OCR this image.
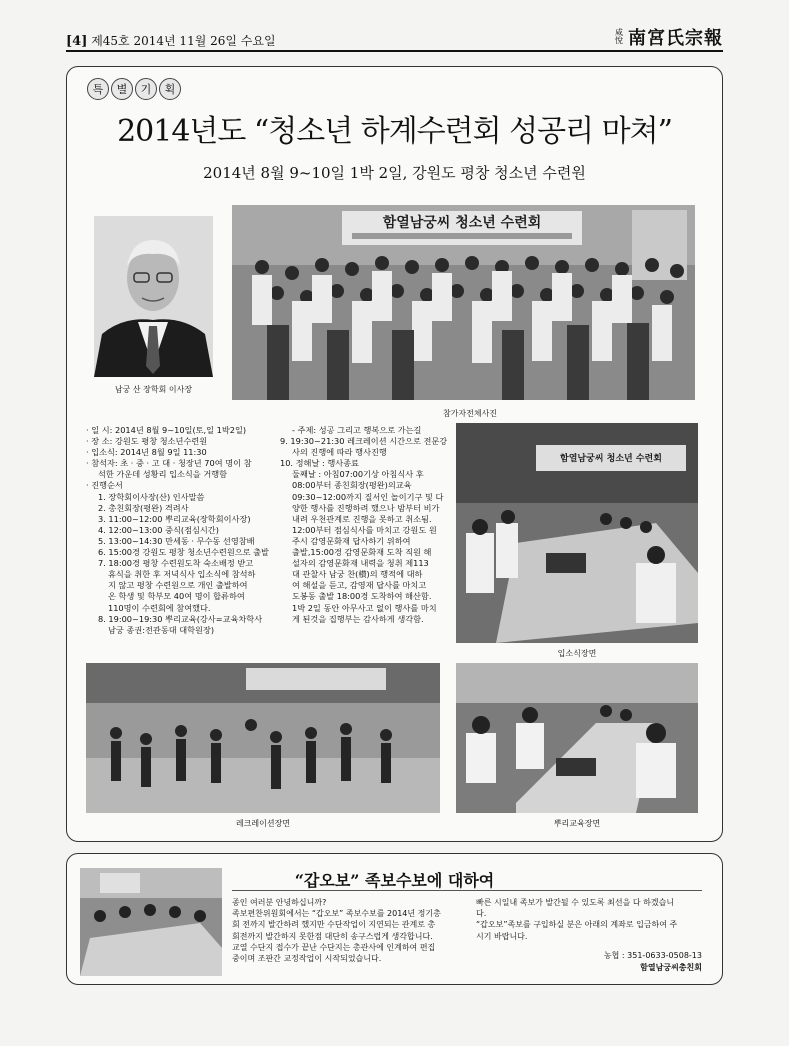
[4] 제45호 2014년 11월 26일 수요일
咸
悅 南宮氏宗報
특	별	기	획
2014년도 “청소년 하계수련회 성공리 마쳐”
2014년 8월 9~10일 1박 2일, 강원도 평창 청소년 수련원
남궁 산 장학회 이사장
함열남궁씨 청소년 수련회
참가자전체사진
· 일 시: 2014년 8월 9~10일(토,일 1박2일)
· 장 소: 강원도 평창 청소년수련원
· 입소식: 2014년 8월 9일 11:30
· 참석자: 초 · 중 · 고 대 · 청장년 70여 명이 참
석한 가운데 성황리 입소식을 거행함
· 진행순서
1. 장학회이사장(산) 인사말씀
2. 총친회장(평완) 격려사
3. 11:00~12:00 뿌리교육(장학회이사장)
4. 12:00~13:00 중식(점심시간)
5. 13:00~14:30 만세동 · 무수동 선영참배
6. 15:00경 강원도 평창 청소년수련원으로 출발
7. 18:00경 평창 수련원도착 숙소배정 받고
휴식을 취한 후 저녁식사 입소식에 참석하
지 않고 평창 수련원으로 개인 출발하여
온 학생 및 학부모 40여 명이 합류하여
110명이 수련회에 참여했다.
8. 19:00~19:30 뿌리교육(강사=교육차학사
남궁 종권:전관동대 대학원장)
- 주제: 성공 그리고 행복으로 가는길
9. 19:30~21:30 레크레이션 시간으로 전문강
사의 진행에 따라 행사진행
10. 정해날 : 행사종료
둘째날 : 아침07:00기상 아침식사 후
08:00부터 종친회장(평완)의교육
09:30~12:00까지 질서인 놀이기구 및 다
양한 행사를 진행하려 했으나 밤부터 비가
내려 우천관계로 진행을 못하고 취소됨.
12:00부터 점심식사를 마치고 강원도 원
주시 감영문화재 답사하기 위하여
출발,15:00경 감영문화재 도착 직원 해
설자의 감영문화재 내력을 청취 제113
대 관찰사 남궁 찬(櫕)의 행적에 대하
여 해설을 듣고, 감영재 답사를 마치고
도봉동 출발 18:00경 도착하여 해산함.
1박 2일 동안 아무사고 없이 행사를 마치
게 된것을 집행부는 감사하게 생각함.
함열남궁씨 청소년 수련회
입소식장면
레크레이션장면	뿌리교육장면
“갑오보” 족보수보에 대하여
종인 여러분 안녕하십니까?
족보편찬위원회에서는 “갑오보” 족보수보를 2014년 정기총
회 전까지 발간하려 했지만 수단작업이 지연되는 관계로 총
회전까지 발간하지 못한점 대단히 송구스럽게 생각합니다.
교열 수단지 접수가 끝난 수단지는 총관사에 인계하여 편집
중이며 조판간 교정작업이 시작되었습니다.
빠른 시일내 족보가 발간될 수 있도록 최선을 다 하겠습니
다.
“갑오보”족보를 구입하실 분은 아래의 계좌로 입금하여 주
시기 바랍니다.
농협 : 351-0633-0508-13
함열남궁씨총친회
